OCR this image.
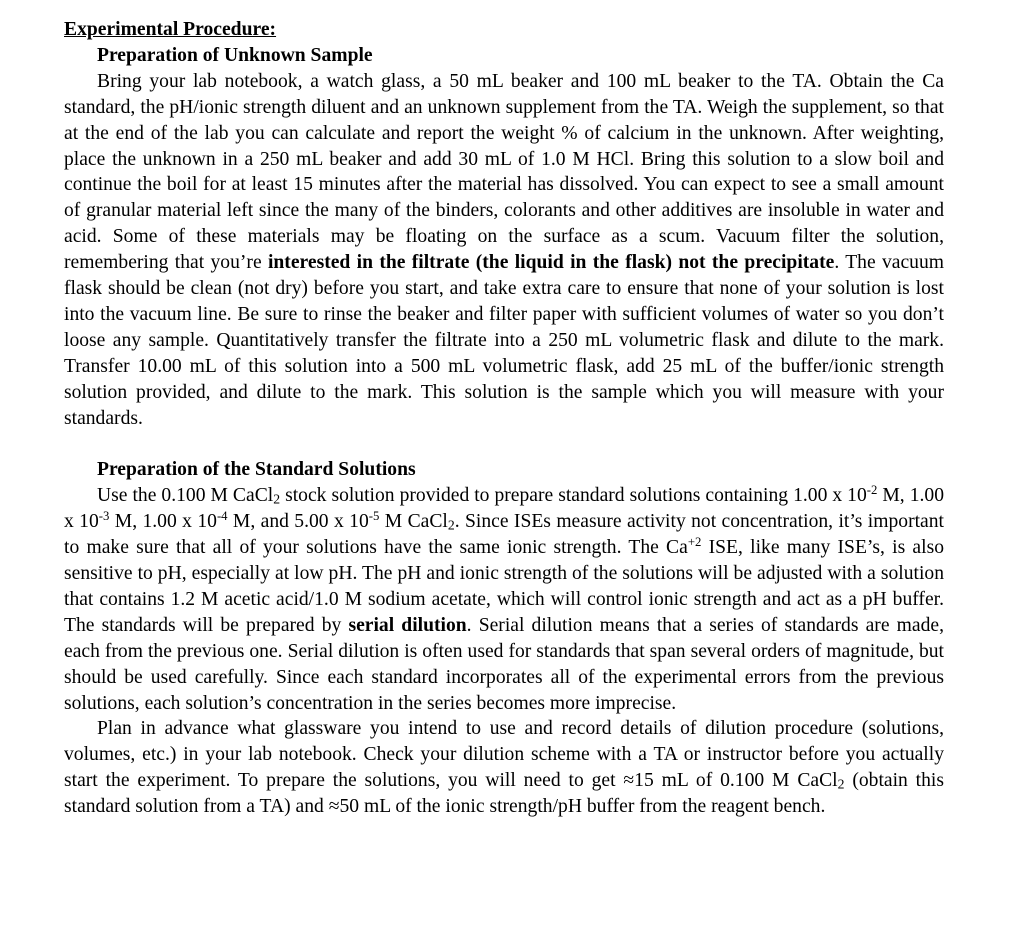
Experimental Procedure:
Preparation of Unknown Sample

Bring your lab notebook, a watch glass, a 50 mL beaker and 100 mL beaker to the TA. Obtain the Ca standard, the pH/ionic strength diluent and an unknown supplement from the TA. Weigh the supplement, so that at the end of the lab you can calculate and report the weight % of calcium in the unknown. After weighting, place the unknown in a 250 mL beaker and add 30 mL of 1.0 M HCl. Bring this solution to a slow boil and continue the boil for at least 15 minutes after the material has dissolved. You can expect to see a small amount of granular material left since the many of the binders, colorants and other additives are insoluble in water and acid. Some of these materials may be floating on the surface as a scum. Vacuum filter the solution, remembering that you’re interested in the filtrate (the liquid in the flask) not the precipitate. The vacuum flask should be clean (not dry) before you start, and take extra care to ensure that none of your solution is lost into the vacuum line. Be sure to rinse the beaker and filter paper with sufficient volumes of water so you don’t loose any sample. Quantitatively transfer the filtrate into a 250 mL volumetric flask and dilute to the mark. Transfer 10.00 mL of this solution into a 500 mL volumetric flask, add 25 mL of the buffer/ionic strength solution provided, and dilute to the mark. This solution is the sample which you will measure with your standards.

Preparation of the Standard Solutions

Use the 0.100 M CaCl$_2$ stock solution provided to prepare standard solutions containing 1.00 x $10^{-2}$ M, 1.00 x $10^{-3}$ M, 1.00 x $10^{-4}$ M, and 5.00 x $10^{-5}$ M CaCl$_2$. Since ISEs measure activity not concentration, it’s important to make sure that all of your solutions have the same ionic strength. The $Ca^{+2}$ ISE, like many ISE’s, is also sensitive to pH, especially at low pH. The pH and ionic strength of the solutions will be adjusted with a solution that contains 1.2 M acetic acid/1.0 M sodium acetate, which will control ionic strength and act as a pH buffer. The standards will be prepared by serial dilution. Serial dilution means that a series of standards are made, each from the previous one. Serial dilution is often used for standards that span several orders of magnitude, but should be used carefully. Since each standard incorporates all of the experimental errors from the previous solutions, each solution’s concentration in the series becomes more imprecise.

Plan in advance what glassware you intend to use and record details of dilution procedure (solutions, volumes, etc.) in your lab notebook. Check your dilution scheme with a TA or instructor before you actually start the experiment. To prepare the solutions, you will need to get ≈15 mL of 0.100 M CaCl$_2$ (obtain this standard solution from a TA) and ≈50 mL of the ionic strength/pH buffer from the reagent bench.
